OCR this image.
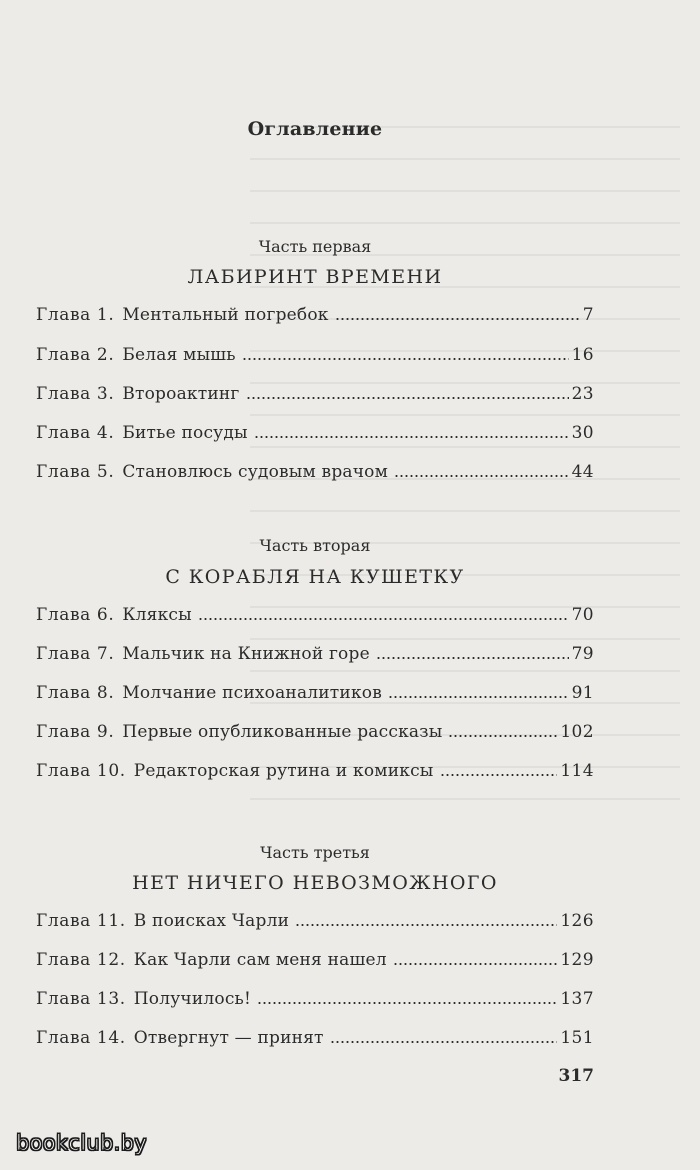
Оглавление
Часть первая
ЛАБИРИНТ ВРЕМЕНИ
Глава 1. Ментальный погребок	7
Глава 2. Белая мышь	16
Глава 3. Второактинг	23
Глава 4. Битье посуды	30
Глава 5. Становлюсь судовым врачом	44
Часть вторая
С КОРАБЛЯ НА КУШЕТКУ
Глава 6. Кляксы	70
Глава 7. Мальчик на Книжной горе	79
Глава 8. Молчание психоаналитиков	91
Глава 9. Первые опубликованные рассказы	102
Глава 10. Редакторская рутина и комиксы	114
Часть третья
НЕТ НИЧЕГО НЕВОЗМОЖНОГО
Глава 11. В поисках Чарли	126
Глава 12. Как Чарли сам меня нашел	129
Глава 13. Получилось!	137
Глава 14. Отвергнут — принят	151
317
bookclub.by
